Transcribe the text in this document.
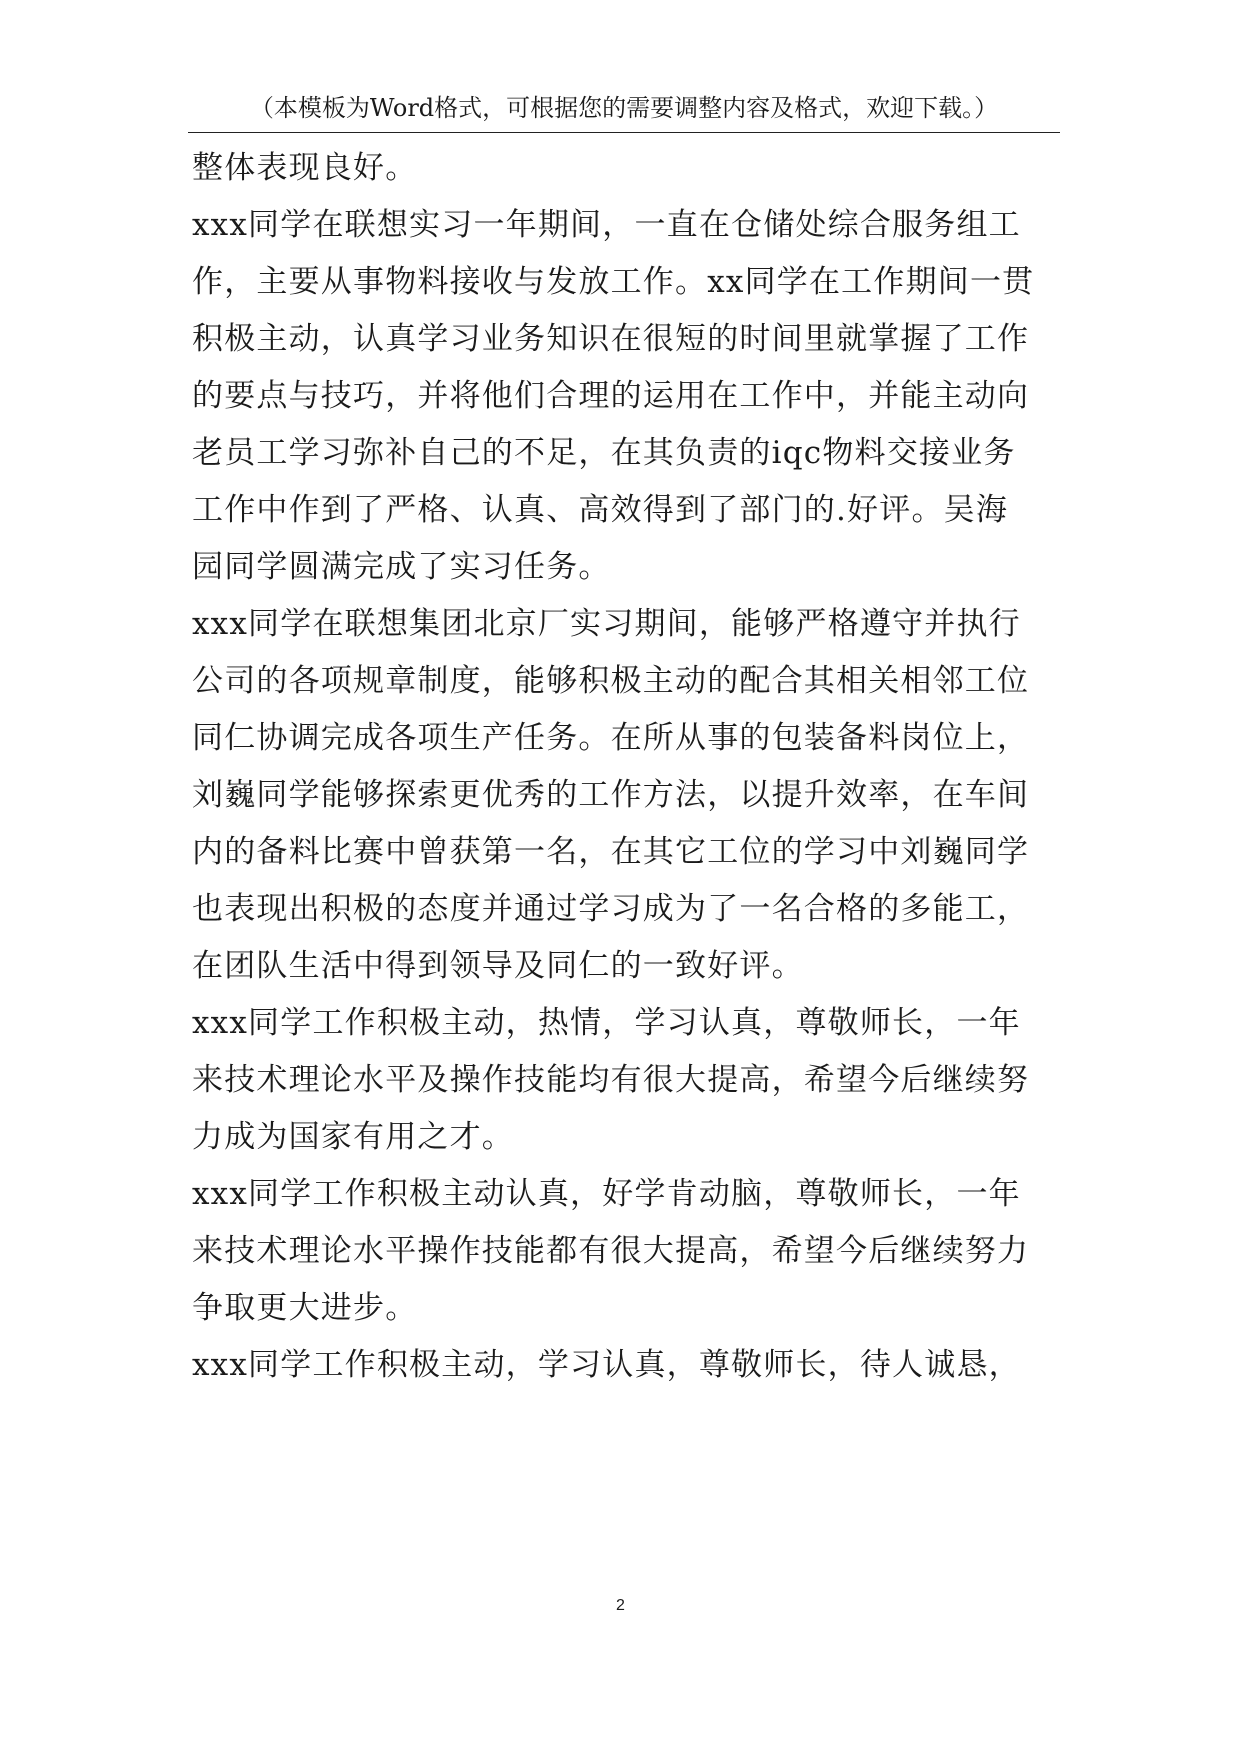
（本模板为Word格式，可根据您的需要调整内容及格式，欢迎下载。）
整体表现良好。
xxx同学在联想实习一年期间，一直在仓储处综合服务组工
作，主要从事物料接收与发放工作。xx同学在工作期间一贯
积极主动，认真学习业务知识在很短的时间里就掌握了工作
的要点与技巧，并将他们合理的运用在工作中，并能主动向
老员工学习弥补自己的不足，在其负责的iqc物料交接业务
工作中作到了严格、认真、高效得到了部门的.好评。吴海
园同学圆满完成了实习任务。
xxx同学在联想集团北京厂实习期间，能够严格遵守并执行
公司的各项规章制度，能够积极主动的配合其相关相邻工位
同仁协调完成各项生产任务。在所从事的包装备料岗位上，
刘巍同学能够探索更优秀的工作方法，以提升效率，在车间
内的备料比赛中曾获第一名，在其它工位的学习中刘巍同学
也表现出积极的态度并通过学习成为了一名合格的多能工，
在团队生活中得到领导及同仁的一致好评。
xxx同学工作积极主动，热情，学习认真，尊敬师长，一年
来技术理论水平及操作技能均有很大提高，希望今后继续努
力成为国家有用之才。
xxx同学工作积极主动认真，好学肯动脑，尊敬师长，一年
来技术理论水平操作技能都有很大提高，希望今后继续努力
争取更大进步。
xxx同学工作积极主动，学习认真，尊敬师长，待人诚恳，
2
